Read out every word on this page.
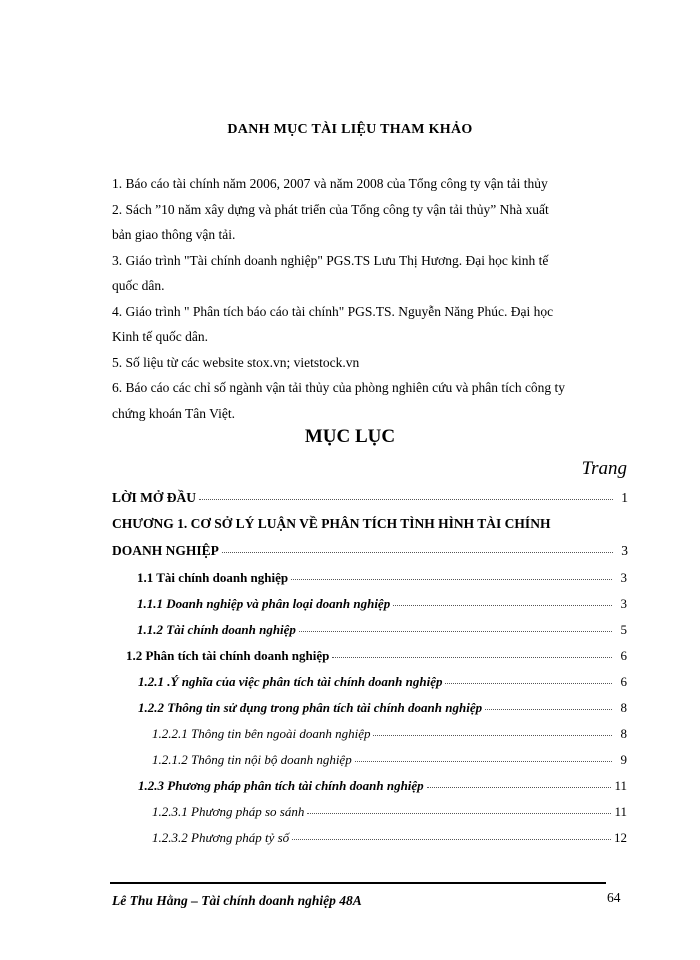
DANH MỤC TÀI LIỆU THAM KHẢO
1. Báo cáo tài chính năm 2006, 2007 và năm 2008 của Tổng công ty vận tải thủy
2. Sách ”10 năm xây dựng và phát triển của Tổng công ty vận tải thủy” Nhà xuất
bản giao thông vận tải.
3. Giáo trình "Tài chính doanh nghiệp" PGS.TS Lưu Thị Hương. Đại học kinh tế
quốc dân.
4. Giáo trình " Phân tích báo cáo tài chính" PGS.TS. Nguyễn Năng Phúc. Đại học
Kinh tế quốc dân.
5. Số liệu từ các website stox.vn; vietstock.vn
6. Báo cáo các chỉ số ngành vận tải thủy của phòng nghiên cứu và phân tích công ty
chứng khoán Tân Việt.
MỤC LỤC
Trang
LỜI MỞ ĐẦU	1
CHƯƠNG 1. CƠ SỞ LÝ LUẬN VỀ PHÂN TÍCH TÌNH HÌNH TÀI CHÍNH
DOANH NGHIỆP	3
1.1 Tài chính doanh nghiệp	3
1.1.1 Doanh nghiệp và phân loại doanh nghiệp	3
1.1.2 Tài chính doanh nghiệp	5
1.2 Phân tích tài chính doanh nghiệp	6
1.2.1 .Ý nghĩa của việc phân tích tài chính doanh nghiệp	6
1.2.2 Thông tin sử dụng trong phân tích tài chính doanh nghiệp	8
1.2.2.1 Thông tin bên ngoài doanh nghiệp	8
1.2.1.2 Thông tin nội bộ doanh nghiệp	9
1.2.3 Phương pháp phân tích tài chính doanh nghiệp	11
1.2.3.1 Phương pháp so sánh	11
1.2.3.2 Phương pháp tỷ số	12
Lê Thu Hằng – Tài chính doanh nghiệp 48A	64
